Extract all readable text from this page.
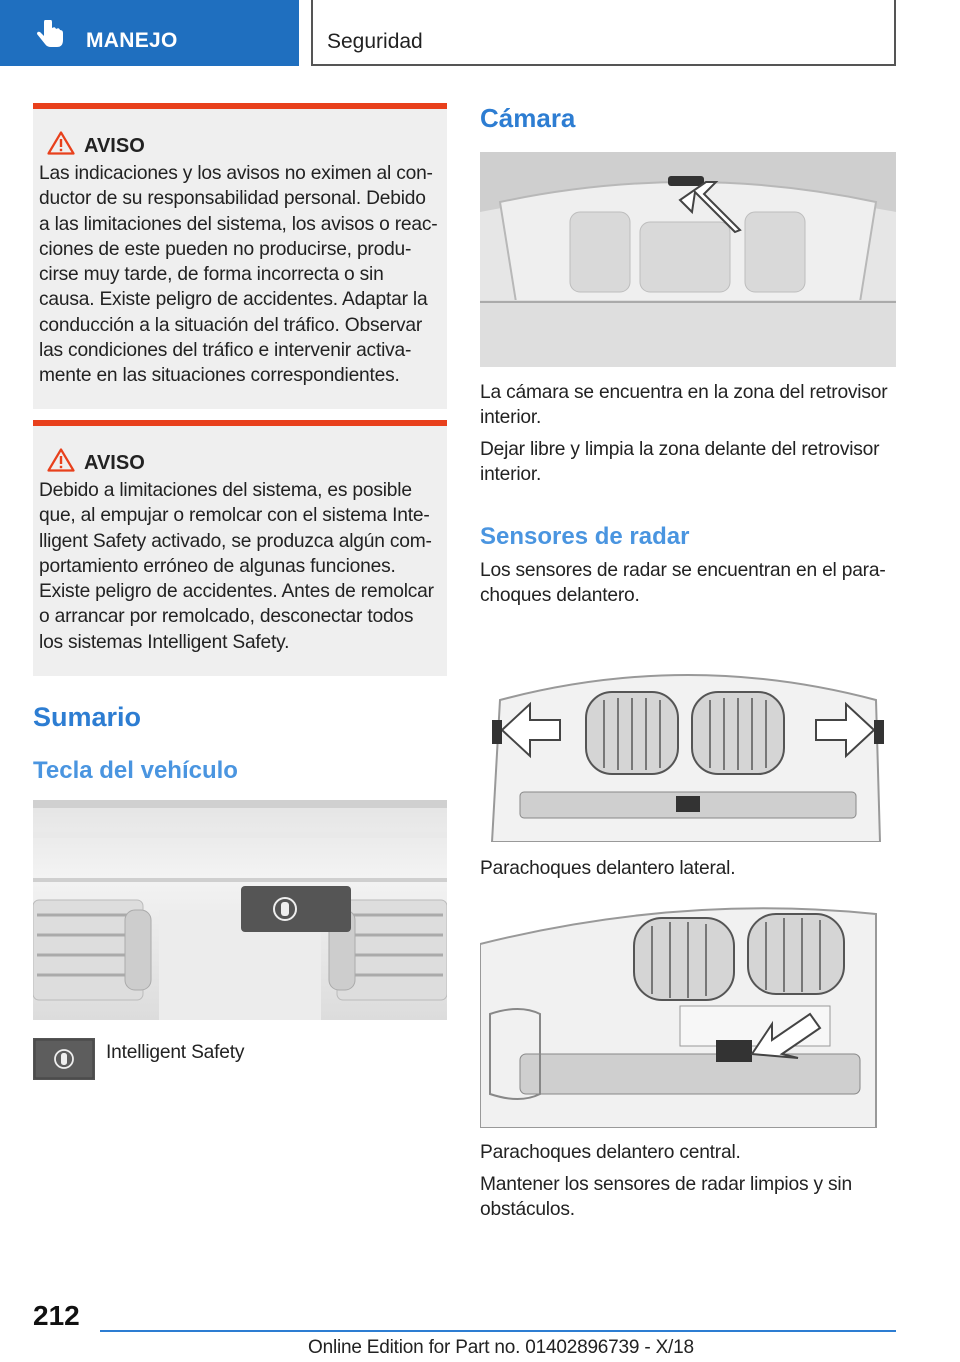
MANEJO	Seguridad
AVISO
Las indicaciones y los avisos no eximen al con-
ductor de su responsabilidad personal. Debido
a las limitaciones del sistema, los avisos o reac-
ciones de este pueden no producirse, produ-
cirse muy tarde, de forma incorrecta o sin
causa. Existe peligro de accidentes. Adaptar la
conducción a la situación del tráfico. Observar
las condiciones del tráfico e intervenir activa-
mente en las situaciones correspondientes.
AVISO
Debido a limitaciones del sistema, es posible
que, al empujar o remolcar con el sistema Inte-
lligent Safety activado, se produzca algún com-
portamiento erróneo de algunas funciones.
Existe peligro de accidentes. Antes de remolcar
o arrancar por remolcado, desconectar todos
los sistemas Intelligent Safety.
Sumario
Tecla del vehículo
Intelligent Safety
Cámara
La cámara se encuentra en la zona del retrovisor
interior.
Dejar libre y limpia la zona delante del retrovisor
interior.
Sensores de radar
Los sensores de radar se encuentran en el para-
choques delantero.
Parachoques delantero lateral.
Parachoques delantero central.
Mantener los sensores de radar limpios y sin
obstáculos.
212
Online Edition for Part no. 01402896739 - X/18
